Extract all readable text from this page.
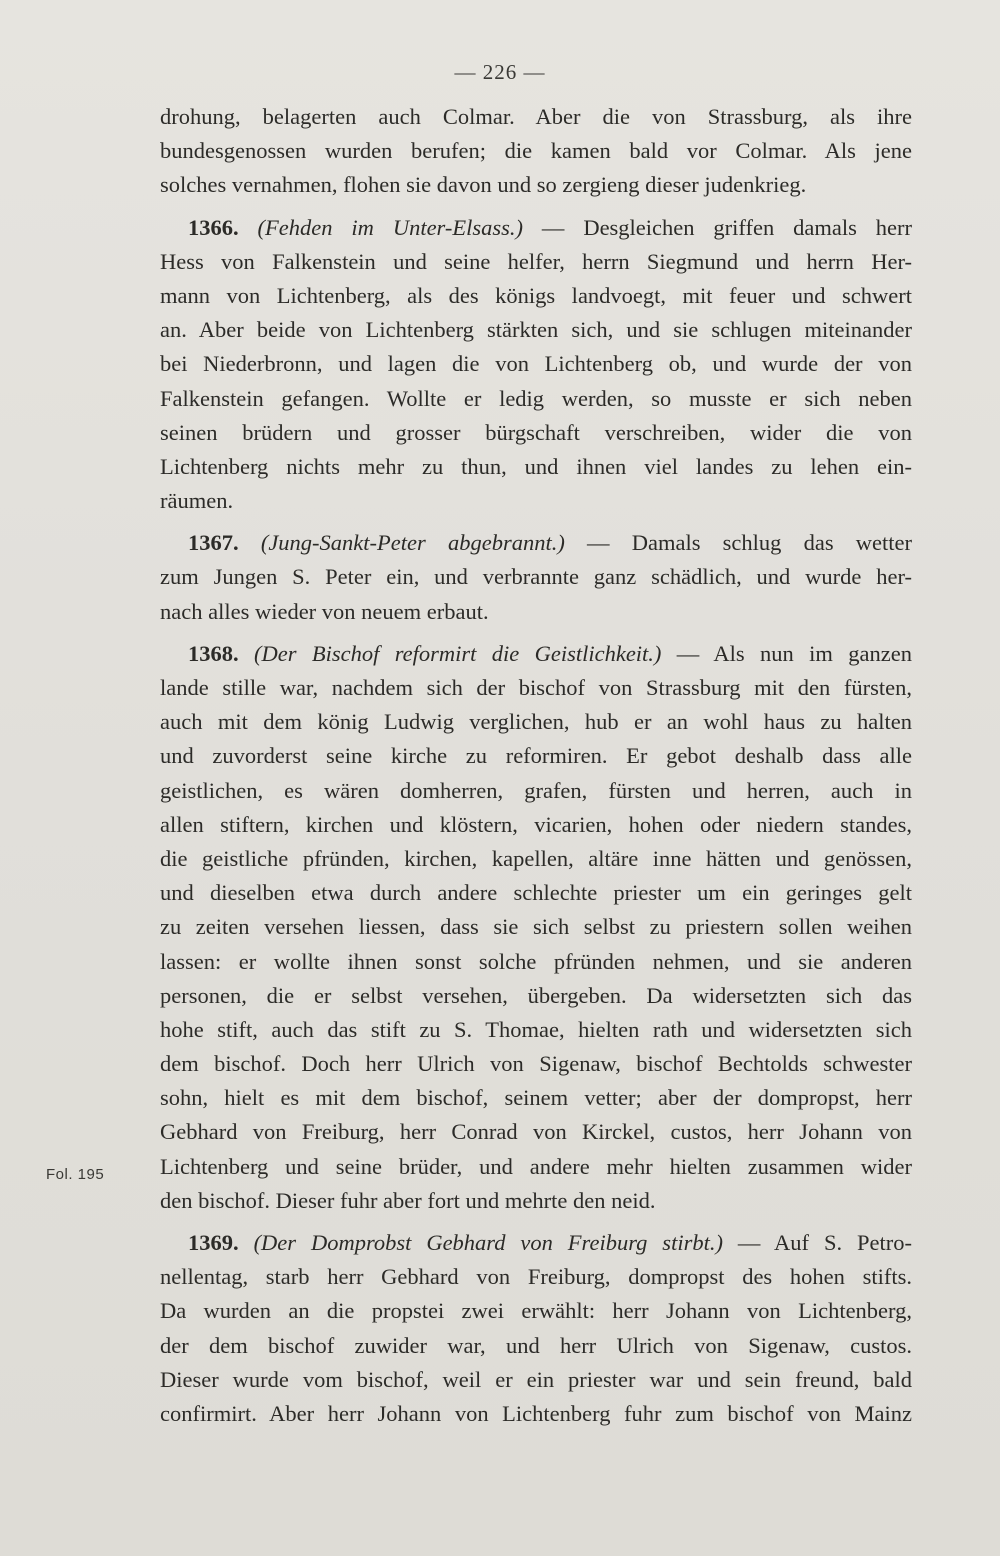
— 226 —
Fol. 195
drohung, belagerten auch Colmar. Aber die von Strassburg, als ihre
bundesgenossen wurden berufen; die kamen bald vor Colmar. Als jene
solches vernahmen, flohen sie davon und so zergieng dieser judenkrieg.
1366. (Fehden im Unter-Elsass.) — Desgleichen griffen damals herr
Hess von Falkenstein und seine helfer, herrn Siegmund und herrn Her-
mann von Lichtenberg, als des königs landvoegt, mit feuer und schwert
an. Aber beide von Lichtenberg stärkten sich, und sie schlugen miteinander
bei Niederbronn, und lagen die von Lichtenberg ob, und wurde der von
Falkenstein gefangen. Wollte er ledig werden, so musste er sich neben
seinen brüdern und grosser bürgschaft verschreiben, wider die von
Lichtenberg nichts mehr zu thun, und ihnen viel landes zu lehen ein-
räumen.
1367. (Jung-Sankt-Peter abgebrannt.) — Damals schlug das wetter
zum Jungen S. Peter ein, und verbrannte ganz schädlich, und wurde her-
nach alles wieder von neuem erbaut.
1368. (Der Bischof reformirt die Geistlichkeit.) — Als nun im ganzen
lande stille war, nachdem sich der bischof von Strassburg mit den fürsten,
auch mit dem könig Ludwig verglichen, hub er an wohl haus zu halten
und zuvorderst seine kirche zu reformiren. Er gebot deshalb dass alle
geistlichen, es wären domherren, grafen, fürsten und herren, auch in
allen stiftern, kirchen und klöstern, vicarien, hohen oder niedern standes,
die geistliche pfründen, kirchen, kapellen, altäre inne hätten und genössen,
und dieselben etwa durch andere schlechte priester um ein geringes gelt
zu zeiten versehen liessen, dass sie sich selbst zu priestern sollen weihen
lassen: er wollte ihnen sonst solche pfründen nehmen, und sie anderen
personen, die er selbst versehen, übergeben. Da widersetzten sich das
hohe stift, auch das stift zu S. Thomae, hielten rath und widersetzten sich
dem bischof. Doch herr Ulrich von Sigenaw, bischof Bechtolds schwester
sohn, hielt es mit dem bischof, seinem vetter; aber der dompropst, herr
Gebhard von Freiburg, herr Conrad von Kirckel, custos, herr Johann von
Lichtenberg und seine brüder, und andere mehr hielten zusammen wider
den bischof. Dieser fuhr aber fort und mehrte den neid.
1369. (Der Domprobst Gebhard von Freiburg stirbt.) — Auf S. Petro-
nellentag, starb herr Gebhard von Freiburg, dompropst des hohen stifts.
Da wurden an die propstei zwei erwählt: herr Johann von Lichtenberg,
der dem bischof zuwider war, und herr Ulrich von Sigenaw, custos.
Dieser wurde vom bischof, weil er ein priester war und sein freund, bald
confirmirt. Aber herr Johann von Lichtenberg fuhr zum bischof von Mainz
